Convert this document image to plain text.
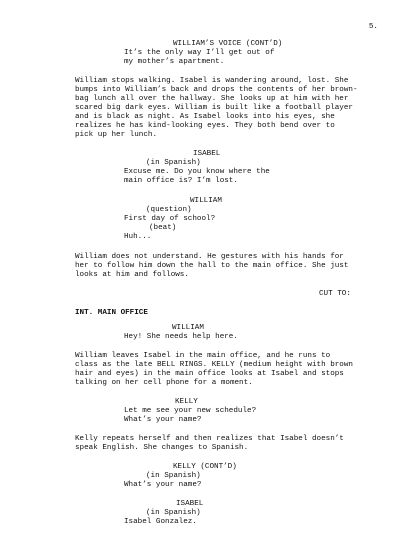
5.
WILLIAM’S VOICE (CONT’D)
It’s the only way I’ll get out of
my mother’s apartment.
William stops walking. Isabel is wandering around, lost. She
bumps into William’s back and drops the contents of her brown-
bag lunch all over the hallway. She looks up at him with her
scared big dark eyes. William is built like a football player
and is black as night. As Isabel looks into his eyes, she
realizes he has kind-looking eyes. They both bend over to
pick up her lunch.
ISABEL
(in Spanish)
Excuse me. Do you know where the
main office is? I’m lost.
WILLIAM
(question)
First day of school?
(beat)
Huh...
William does not understand. He gestures with his hands for
her to follow him down the hall to the main office. She just
looks at him and follows.
CUT TO:
INT. MAIN OFFICE
WILLIAM
Hey! She needs help here.
William leaves Isabel in the main office, and he runs to
class as the late BELL RINGS. KELLY (medium height with brown
hair and eyes) in the main office looks at Isabel and stops
talking on her cell phone for a moment.
KELLY
Let me see your new schedule?
What’s your name?
Kelly repeats herself and then realizes that Isabel doesn’t
speak English. She changes to Spanish.
KELLY (CONT’D)
(in Spanish)
What’s your name?
ISABEL
(in Spanish)
Isabel Gonzalez.
